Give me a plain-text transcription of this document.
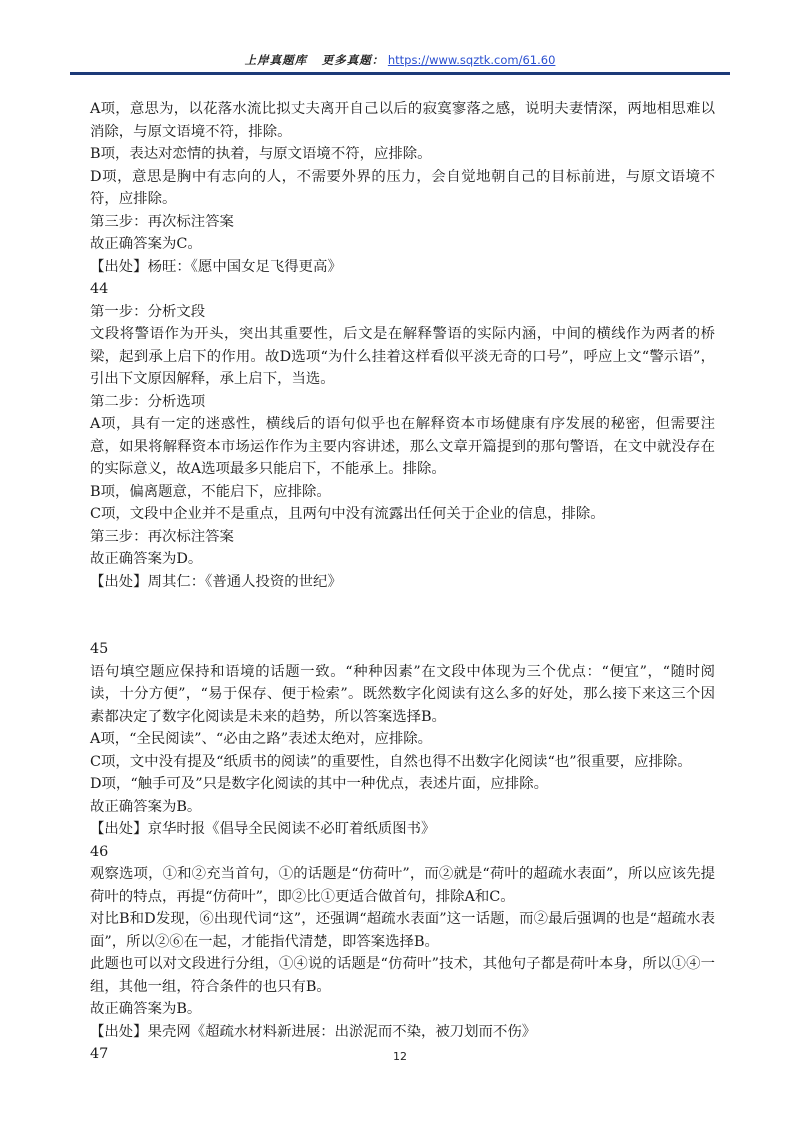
上岸真题库 更多真题： https://www.sqztk.com/61.60

A项，意思为，以花落水流比拟丈夫离开自己以后的寂寞寥落之感，说明夫妻情深，两地相思难以消除，与原文语境不符，排除。

B项，表达对恋情的执着，与原文语境不符，应排除。

D项，意思是胸中有志向的人，不需要外界的压力，会自觉地朝自己的目标前进，与原文语境不符，应排除。

第三步：再次标注答案

故正确答案为C。

【出处】杨旺：《愿中国女足飞得更高》

44

第一步：分析文段

文段将警语作为开头，突出其重要性，后文是在解释警语的实际内涵，中间的横线作为两者的桥梁，起到承上启下的作用。故D选项“为什么挂着这样看似平淡无奇的口号”，呼应上文“警示语”，引出下文原因解释，承上启下，当选。

第二步：分析选项

A项，具有一定的迷惑性，横线后的语句似乎也在解释资本市场健康有序发展的秘密，但需要注意，如果将解释资本市场运作作为主要内容讲述，那么文章开篇提到的那句警语，在文中就没存在的实际意义，故A选项最多只能启下，不能承上。排除。

B项，偏离题意，不能启下，应排除。

C项，文段中企业并不是重点，且两句中没有流露出任何关于企业的信息，排除。

第三步：再次标注答案

故正确答案为D。

【出处】周其仁：《普通人投资的世纪》

45

语句填空题应保持和语境的话题一致。“种种因素”在文段中体现为三个优点：“便宜”，“随时阅读，十分方便”，“易于保存、便于检索”。既然数字化阅读有这么多的好处，那么接下来这三个因素都决定了数字化阅读是未来的趋势，所以答案选择B。

A项，“全民阅读”、“必由之路”表述太绝对，应排除。

C项，文中没有提及“纸质书的阅读”的重要性，自然也得不出数字化阅读“也”很重要，应排除。

D项，“触手可及”只是数字化阅读的其中一种优点，表述片面，应排除。

故正确答案为B。

【出处】京华时报《倡导全民阅读不必盯着纸质图书》

46

观察选项，①和②充当首句，①的话题是“仿荷叶”，而②就是“荷叶的超疏水表面”，所以应该先提荷叶的特点，再提“仿荷叶”，即②比①更适合做首句，排除A和C。

对比B和D发现，⑥出现代词“这”，还强调“超疏水表面”这一话题，而②最后强调的也是“超疏水表面”，所以②⑥在一起，才能指代清楚，即答案选择B。

此题也可以对文段进行分组，①④说的话题是“仿荷叶”技术，其他句子都是荷叶本身，所以①④一组，其他一组，符合条件的也只有B。

故正确答案为B。

【出处】果壳网《超疏水材料新进展：出淤泥而不染，被刀划而不伤》

47	12
